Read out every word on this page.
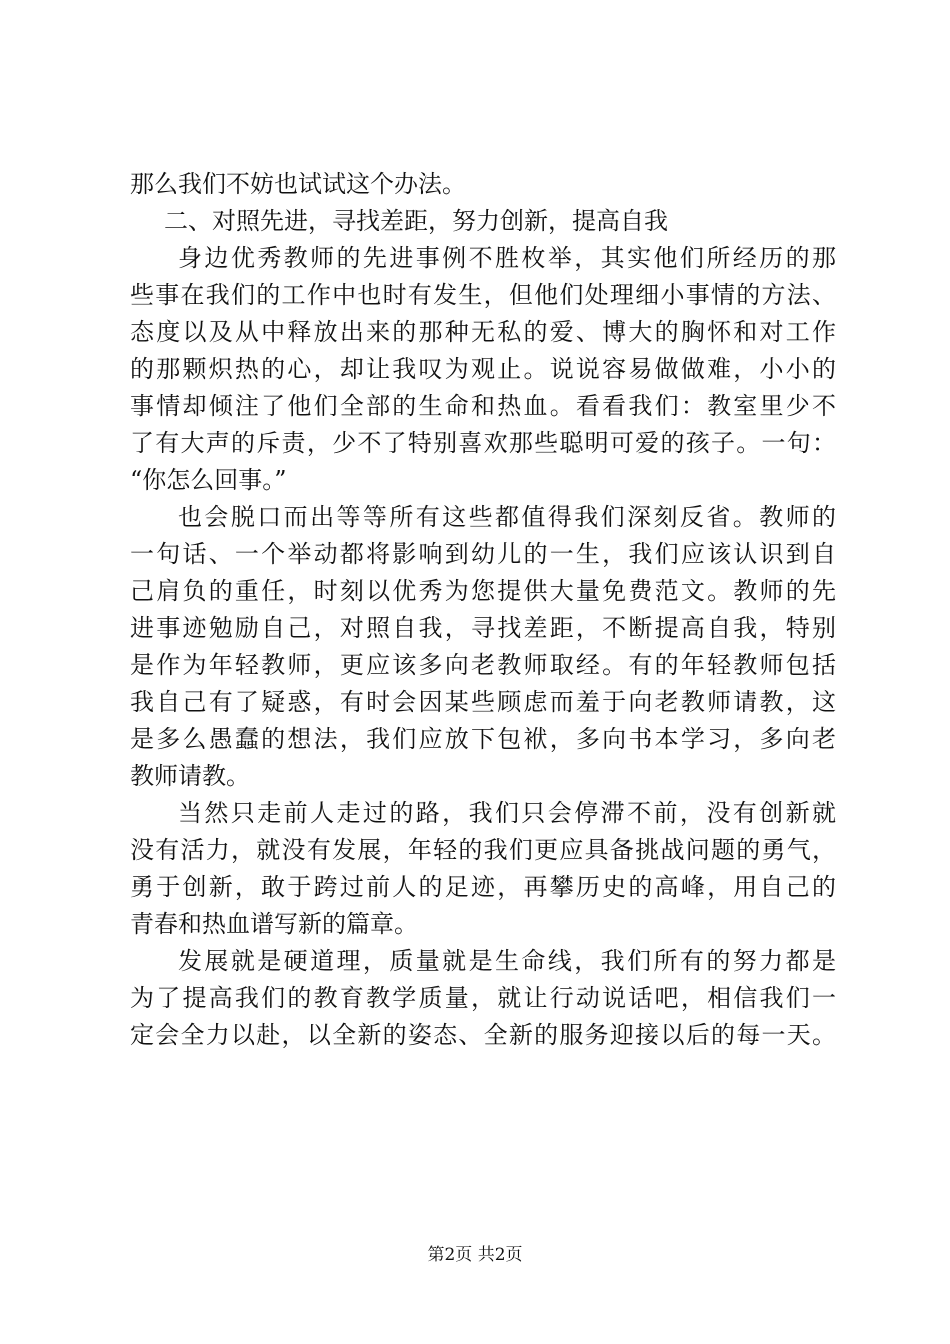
那么我们不妨也试试这个办法。
二、对照先进，寻找差距，努力创新，提高自我
身边优秀教师的先进事例不胜枚举，其实他们所经历的那
些事在我们的工作中也时有发生，但他们处理细小事情的方法、
态度以及从中释放出来的那种无私的爱、博大的胸怀和对工作
的那颗炽热的心，却让我叹为观止。说说容易做做难，小小的
事情却倾注了他们全部的生命和热血。看看我们：教室里少不
了有大声的斥责，少不了特别喜欢那些聪明可爱的孩子。一句：
“你怎么回事。”
也会脱口而出等等所有这些都值得我们深刻反省。教师的
一句话、一个举动都将影响到幼儿的一生，我们应该认识到自
己肩负的重任，时刻以优秀为您提供大量免费范文。教师的先
进事迹勉励自己，对照自我，寻找差距，不断提高自我，特别
是作为年轻教师，更应该多向老教师取经。有的年轻教师包括
我自己有了疑惑，有时会因某些顾虑而羞于向老教师请教，这
是多么愚蠢的想法，我们应放下包袱，多向书本学习，多向老
教师请教。
当然只走前人走过的路，我们只会停滞不前，没有创新就
没有活力，就没有发展，年轻的我们更应具备挑战问题的勇气，
勇于创新，敢于跨过前人的足迹，再攀历史的高峰，用自己的
青春和热血谱写新的篇章。
发展就是硬道理，质量就是生命线，我们所有的努力都是
为了提高我们的教育教学质量，就让行动说话吧，相信我们一
定会全力以赴，以全新的姿态、全新的服务迎接以后的每一天。
第2页 共2页
